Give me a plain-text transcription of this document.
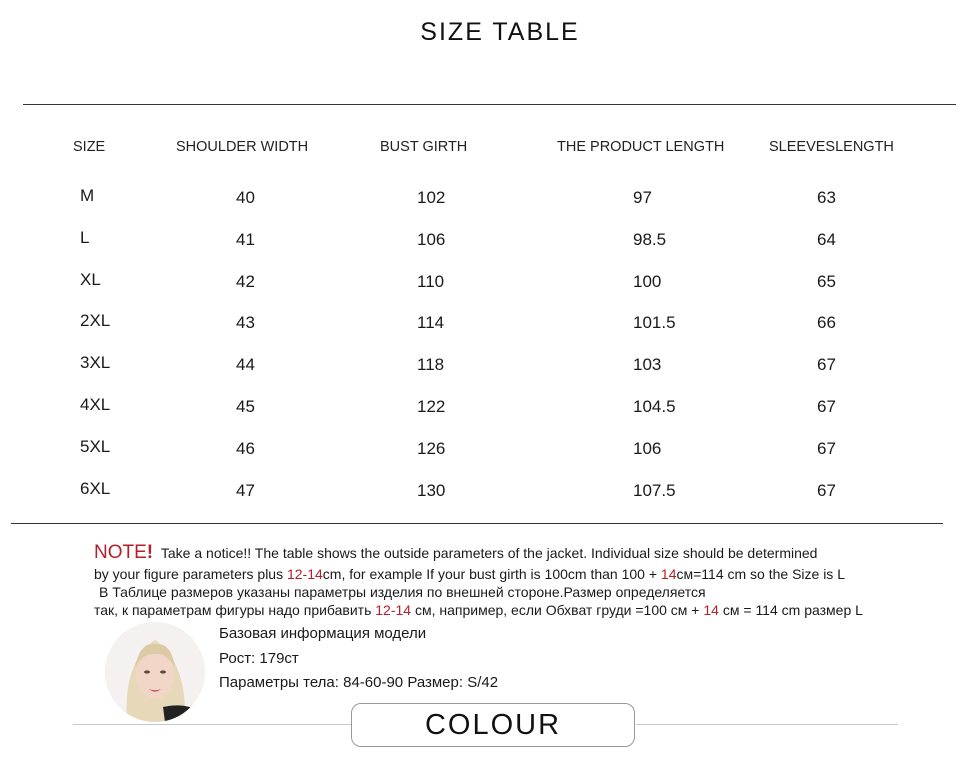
SIZE TABLE
SIZE	SHOULDER WIDTH	BUST GIRTH	THE PRODUCT LENGTH	SLEEVESLENGTH
M	40	102	97	63
L	41	106	98.5	64
XL	42	110	100	65
2XL	43	114	101.5	66
3XL	44	118	103	67
4XL	45	122	104.5	67
5XL	46	126	106	67
6XL	47	130	107.5	67
NOTE! Take a notice!! The table shows the outside parameters of the jacket. Individual size should be determined
by your figure parameters plus 12-14cm, for example If your bust girth is 100cm than 100 + 14см=114 cm so the Size is L
В Таблице размеров указаны параметры изделия по внешней стороне.Размер определяется
так, к параметрам фигуры надо прибавить 12-14 см, например, если Обхват груди =100 см + 14 см = 114 cm размер L
Базовая информация модели
Рост: 179ст
Параметры тела: 84-60-90 Размер: S/42
COLOUR
